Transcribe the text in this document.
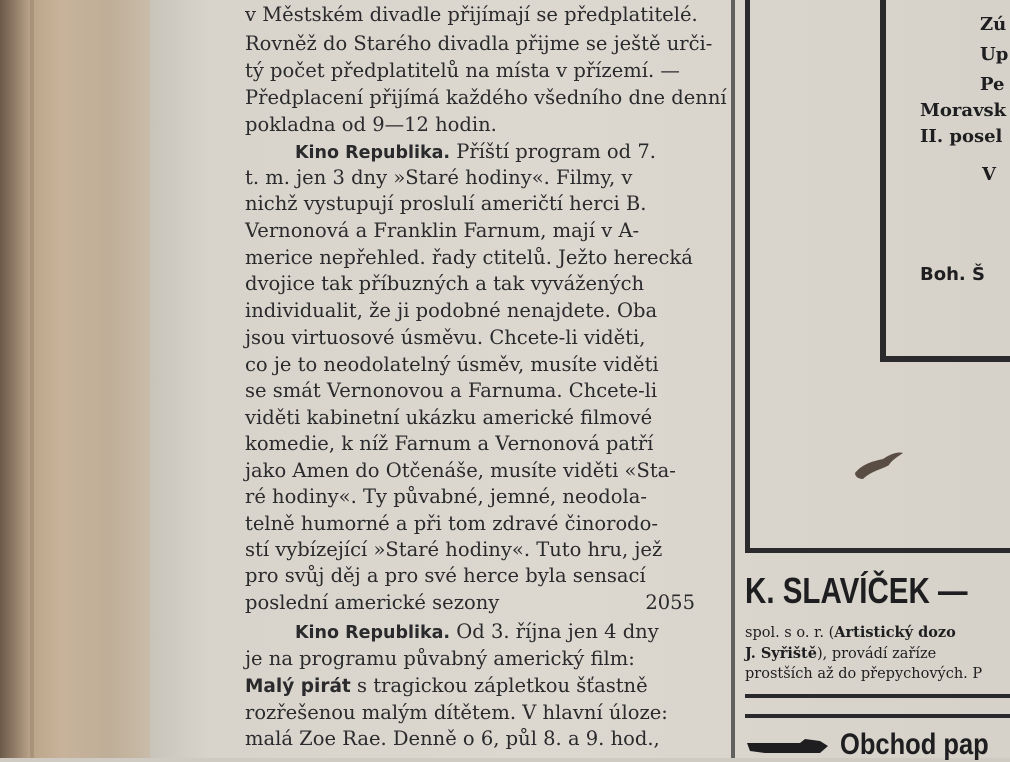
v Městském divadle přijímají se předplatitelé.
Rovněž do Starého divadla přijme se ještě urči-
tý počet předplatitelů na místa v přízemí. —
Předplacení přijímá každého všedního dne denní
pokladna od 9—12 hodin.
Kino Republika. Příští program od 7.
t. m. jen 3 dny »Staré hodiny«. Filmy, v
nichž vystupují proslulí američtí herci B.
Vernonová a Franklin Farnum, mají v A-
merice nepřehled. řady ctitelů. Ježto herecká
dvojice tak příbuzných a tak vyvážených
individualit, že ji podobné nenajdete. Oba
jsou virtuosové úsměvu. Chcete-li viděti,
co je to neodolatelný úsměv, musíte viděti
se smát Vernonovou a Farnuma. Chcete-li
viděti kabinetní ukázku americké filmové
komedie, k níž Farnum a Vernonová patří
jako Amen do Otčenáše, musíte viděti «Sta-
ré hodiny«. Ty půvabné, jemné, neodola-
telně humorné a při tom zdravé činorodo-
stí vybízející »Staré hodiny«. Tuto hru, jež
pro svůj děj a pro své herce byla sensací
poslední americké sezony	2055
Kino Republika. Od 3. října jen 4 dny
je na programu půvabný americký film:
Malý pirát s tragickou zápletkou šťastně
rozřešenou malým dítětem. V hlavní úloze:
malá Zoe Rae. Denně o 6, půl 8. a 9. hod.,
Zú
Up
Pe
Moravsk
II. posel
V
Boh. Š
K. SLAVÍČEK —
spol. s o. r. (Artistický dozo
J. Syřiště), provádí zaříze
prostších až do přepychových. P
Obchod pap
